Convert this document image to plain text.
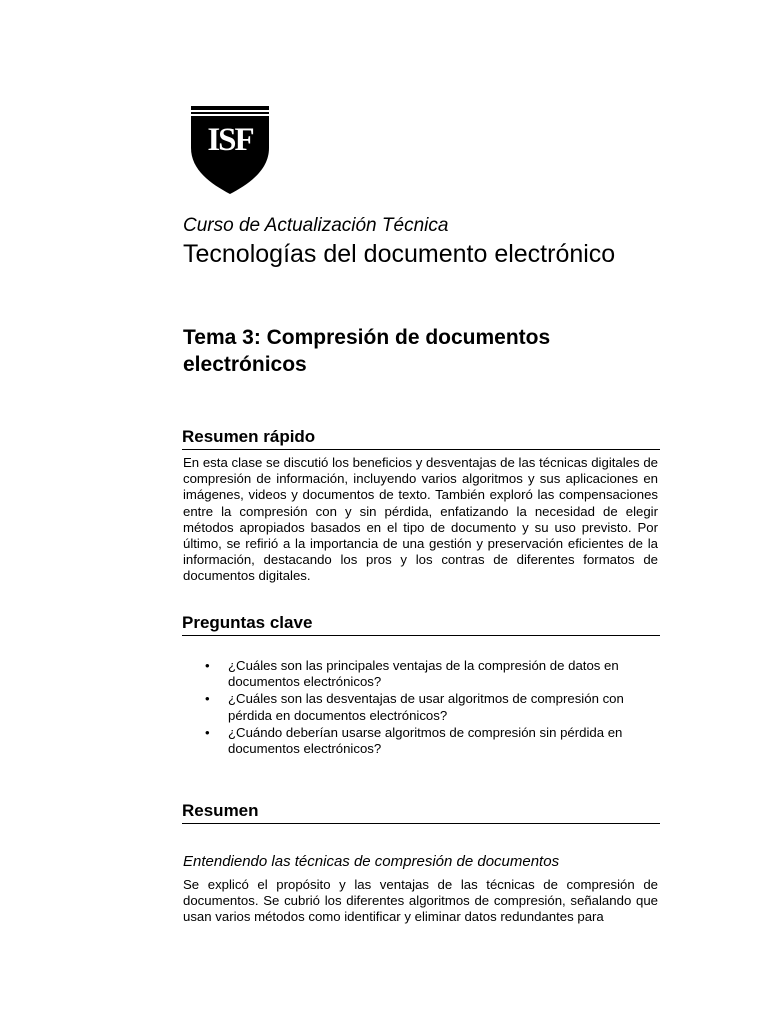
ISF
Curso de Actualización Técnica
Tecnologías del documento electrónico
Tema 3: Compresión de documentos
electrónicos
Resumen rápido

En esta clase se discutió los beneficios y desventajas de las técnicas digitales de compresión de información, incluyendo varios algoritmos y sus aplicaciones en imágenes, videos y documentos de texto. También exploró las compensaciones entre la compresión con y sin pérdida, enfatizando la necesidad de elegir métodos apropiados basados en el tipo de documento y su uso previsto. Por último, se refirió a la importancia de una gestión y preservación eficientes de la información, destacando los pros y los contras de diferentes formatos de documentos digitales.

Preguntas clave
• ¿Cuáles son las principales ventajas de la compresión de datos en documentos electrónicos?
• ¿Cuáles son las desventajas de usar algoritmos de compresión con pérdida en documentos electrónicos?
• ¿Cuándo deberían usarse algoritmos de compresión sin pérdida en documentos electrónicos?
Resumen
Entendiendo las técnicas de compresión de documentos

Se explicó el propósito y las ventajas de las técnicas de compresión de documentos. Se cubrió los diferentes algoritmos de compresión, señalando que usan varios métodos como identificar y eliminar datos redundantes para
